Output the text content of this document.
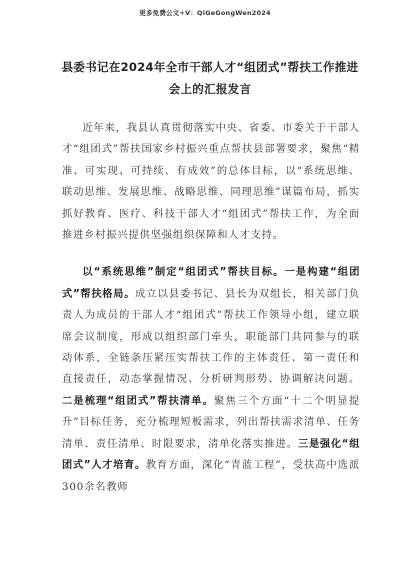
更多免费公文+V：QiGeGongWen2024
县委书记在2024年全市干部人才“组团式”帮扶工作推进
会上的汇报发言

近年来，我县认真贯彻落实中央、省委、市委关于干部人才“组团式”帮扶国家乡村振兴重点帮扶县部署要求，聚焦“精准、可实现、可持续、有成效”的总体目标，以“系统思维、联动思维、发展思维、战略思维、同理思维”谋篇布局，抓实抓好教育、医疗、科技干部人才“组团式”帮扶工作，为全面推进乡村振兴提供坚强组织保障和人才支持。

以“系统思维”制定“组团式”帮扶目标。一是构建“组团式”帮扶格局。成立以县委书记、县长为双组长，相关部门负责人为成员的干部人才“组团式”帮扶工作领导小组，建立联席会议制度，形成以组织部门牵头，职能部门共同参与的联动体系，全链条压紧压实帮扶工作的主体责任、第一责任和直接责任，动态掌握情况、分析研判形势、协调解决问题。二是梳理“组团式”帮扶清单。聚焦三个方面“十二个明显提升”目标任务，充分梳理短板需求，列出帮扶需求清单、任务清单、责任清单、时限要求，清单化落实推进。三是强化“组团式”人才培育。教育方面，深化“青蓝工程”，受扶高中选派300余名教师
